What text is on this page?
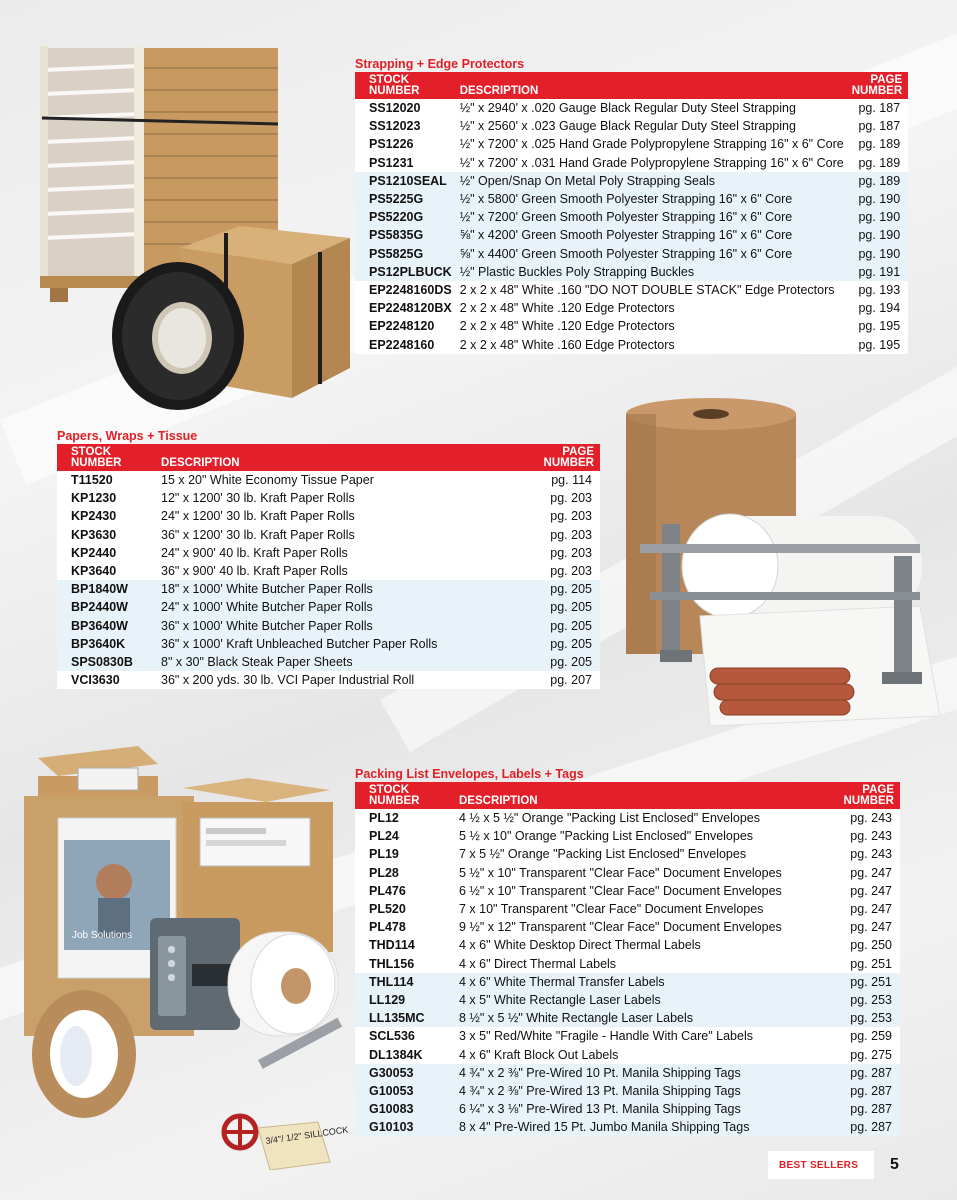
Strapping + Edge Protectors
STOCK NUMBER	DESCRIPTION	PAGE NUMBER
SS12020	½" x 2940' x .020 Gauge Black Regular Duty Steel Strapping	pg. 187
SS12023	½" x 2560' x .023 Gauge Black Regular Duty Steel Strapping	pg. 187
PS1226	½" x 7200' x .025 Hand Grade Polypropylene Strapping 16" x 6" Core	pg. 189
PS1231	½" x 7200' x .031 Hand Grade Polypropylene Strapping 16" x 6" Core	pg. 189
PS1210SEAL	½" Open/Snap On Metal Poly Strapping Seals	pg. 189
PS5225G	½" x 5800' Green Smooth Polyester Strapping 16" x 6" Core	pg. 190
PS5220G	½" x 7200' Green Smooth Polyester Strapping 16" x 6" Core	pg. 190
PS5835G	⅝" x 4200' Green Smooth Polyester Strapping 16" x 6" Core	pg. 190
PS5825G	⅝" x 4400' Green Smooth Polyester Strapping 16" x 6" Core	pg. 190
PS12PLBUCK	½" Plastic Buckles Poly Strapping Buckles	pg. 191
EP2248160DS	2 x 2 x 48" White .160 "DO NOT DOUBLE STACK" Edge Protectors	pg. 193
EP2248120BX	2 x 2 x 48" White .120 Edge Protectors	pg. 194
EP2248120	2 x 2 x 48" White .120 Edge Protectors	pg. 195
EP2248160	2 x 2 x 48" White .160 Edge Protectors	pg. 195
Papers, Wraps + Tissue
STOCK NUMBER	DESCRIPTION	PAGE NUMBER
T11520	15 x 20" White Economy Tissue Paper	pg. 114
KP1230	12" x 1200' 30 lb. Kraft Paper Rolls	pg. 203
KP2430	24" x 1200' 30 lb. Kraft Paper Rolls	pg. 203
KP3630	36" x 1200' 30 lb. Kraft Paper Rolls	pg. 203
KP2440	24" x 900' 40 lb. Kraft Paper Rolls	pg. 203
KP3640	36" x 900' 40 lb. Kraft Paper Rolls	pg. 203
BP1840W	18" x 1000' White Butcher Paper Rolls	pg. 205
BP2440W	24" x 1000' White Butcher Paper Rolls	pg. 205
BP3640W	36" x 1000' White Butcher Paper Rolls	pg. 205
BP3640K	36" x 1000' Kraft Unbleached Butcher Paper Rolls	pg. 205
SPS0830B	8" x 30" Black Steak Paper Sheets	pg. 205
VCI3630	36" x 200 yds. 30 lb. VCI Paper Industrial Roll	pg. 207
Job Solutions
3/4"/ 1/2" SILLCOCK
Packing List Envelopes, Labels + Tags
STOCK NUMBER	DESCRIPTION	PAGE NUMBER
PL12	4 ½ x 5 ½" Orange "Packing List Enclosed" Envelopes	pg. 243
PL24	5 ½ x 10" Orange "Packing List Enclosed" Envelopes	pg. 243
PL19	7 x 5 ½" Orange "Packing List Enclosed" Envelopes	pg. 243
PL28	5 ½" x 10" Transparent "Clear Face" Document Envelopes	pg. 247
PL476	6 ½" x 10" Transparent "Clear Face" Document Envelopes	pg. 247
PL520	7 x 10" Transparent "Clear Face" Document Envelopes	pg. 247
PL478	9 ½" x 12" Transparent "Clear Face" Document Envelopes	pg. 247
THD114	4 x 6" White Desktop Direct Thermal Labels	pg. 250
THL156	4 x 6" Direct Thermal Labels	pg. 251
THL114	4 x 6" White Thermal Transfer Labels	pg. 251
LL129	4 x 5" White Rectangle Laser Labels	pg. 253
LL135MC	8 ½" x 5 ½" White Rectangle Laser Labels	pg. 253
SCL536	3 x 5" Red/White "Fragile - Handle With Care" Labels	pg. 259
DL1384K	4 x 6" Kraft Block Out Labels	pg. 275
G30053	4 ¾" x 2 ⅜" Pre-Wired 10 Pt. Manila Shipping Tags	pg. 287
G10053	4 ¾" x 2 ⅜" Pre-Wired 13 Pt. Manila Shipping Tags	pg. 287
G10083	6 ¼" x 3 ⅛" Pre-Wired 13 Pt. Manila Shipping Tags	pg. 287
G10103	8 x 4" Pre-Wired 15 Pt. Jumbo Manila Shipping Tags	pg. 287
BEST SELLERS 5
